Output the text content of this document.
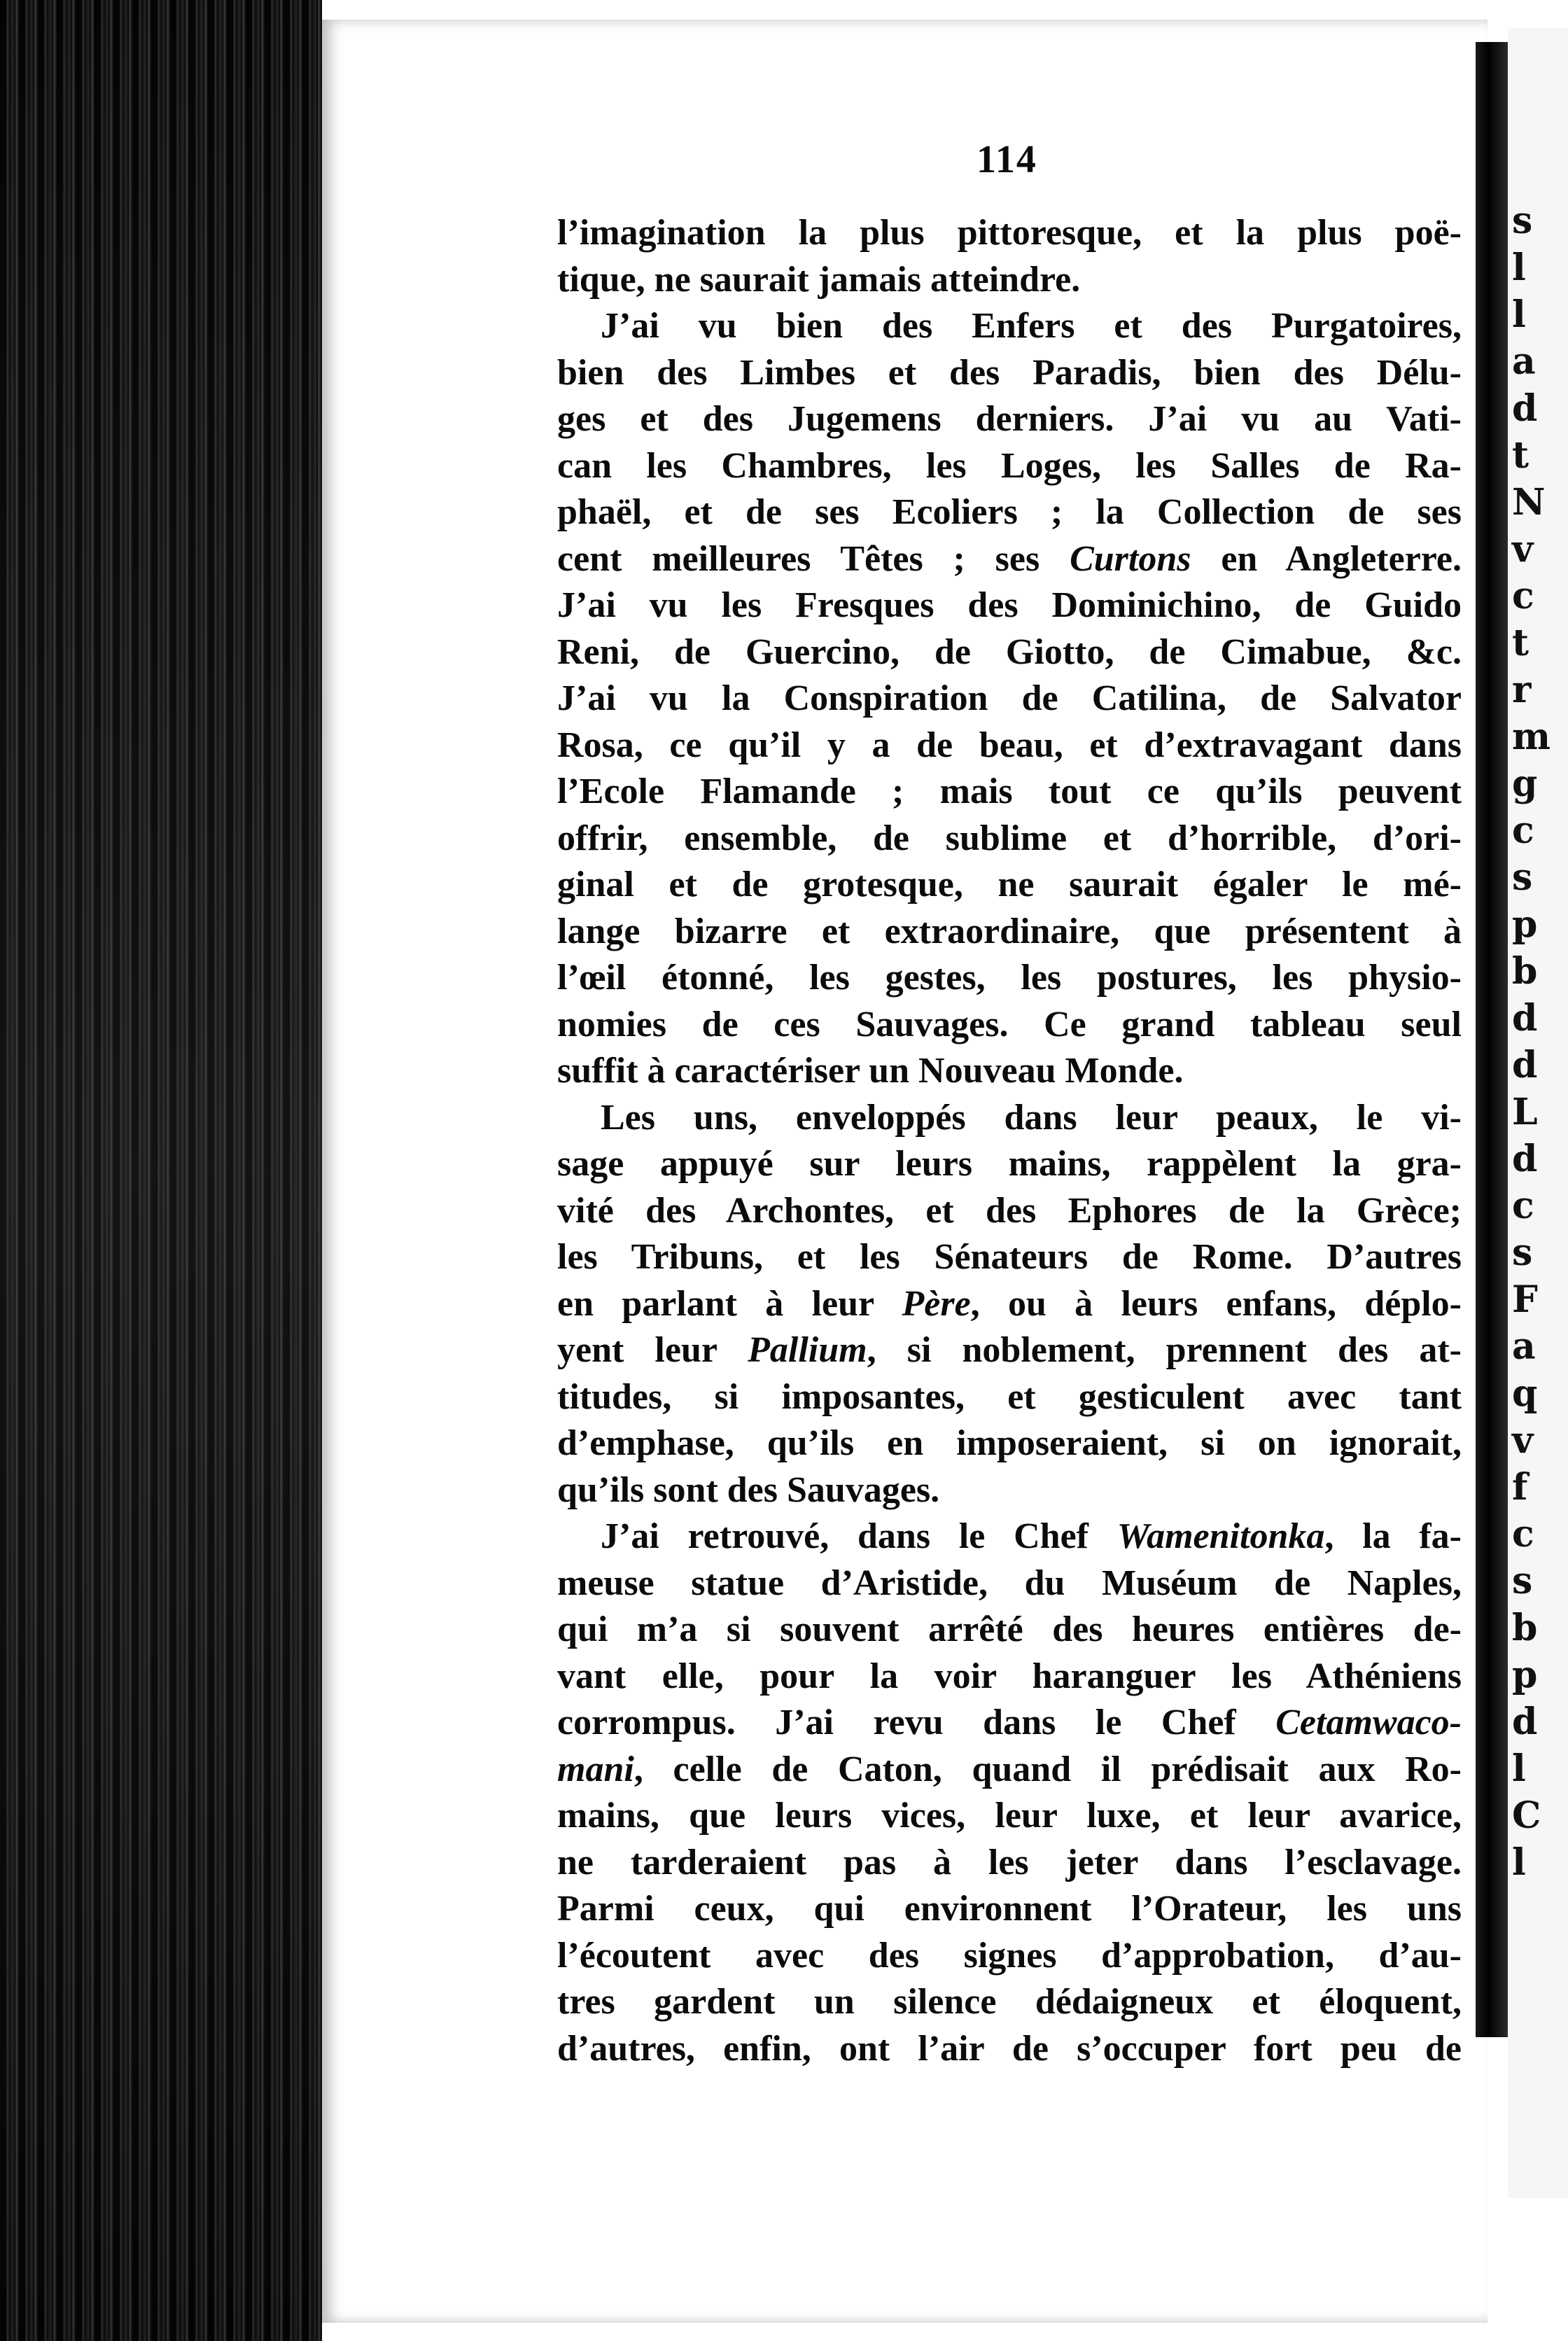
s
l
l
a
d
t
N
v
c
t
r
m
g
c
s
p
b
d
d
L
d
c
s
F
a
q
v
f
c
s
b
p
d
l
C
l
114
l’imagination la plus pittoresque, et la plus poë-
tique, ne saurait jamais atteindre.
J’ai vu bien des Enfers et des Purgatoires,
bien des Limbes et des Paradis, bien des Délu-
ges et des Jugemens derniers. J’ai vu au Vati-
can les Chambres, les Loges, les Salles de Ra-
phaël, et de ses Ecoliers ; la Collection de ses
cent meilleures Têtes ; ses Curtons en Angleterre.
J’ai vu les Fresques des Dominichino, de Guido
Reni, de Guercino, de Giotto, de Cimabue, &c.
J’ai vu la Conspiration de Catilina, de Salvator
Rosa, ce qu’il y a de beau, et d’extravagant dans
l’Ecole Flamande ; mais tout ce qu’ils peuvent
offrir, ensemble, de sublime et d’horrible, d’ori-
ginal et de grotesque, ne saurait égaler le mé-
lange bizarre et extraordinaire, que présentent à
l’œil étonné, les gestes, les postures, les physio-
nomies de ces Sauvages. Ce grand tableau seul
suffit à caractériser un Nouveau Monde.
Les uns, enveloppés dans leur peaux, le vi-
sage appuyé sur leurs mains, rappèlent la gra-
vité des Archontes, et des Ephores de la Grèce;
les Tribuns, et les Sénateurs de Rome. D’autres
en parlant à leur Père, ou à leurs enfans, déplo-
yent leur Pallium, si noblement, prennent des at-
titudes, si imposantes, et gesticulent avec tant
d’emphase, qu’ils en imposeraient, si on ignorait,
qu’ils sont des Sauvages.
J’ai retrouvé, dans le Chef Wamenitonka, la fa-
meuse statue d’Aristide, du Muséum de Naples,
qui m’a si souvent arrêté des heures entières de-
vant elle, pour la voir haranguer les Athéniens
corrompus. J’ai revu dans le Chef Cetamwaco-
mani, celle de Caton, quand il prédisait aux Ro-
mains, que leurs vices, leur luxe, et leur avarice,
ne tarderaient pas à les jeter dans l’esclavage.
Parmi ceux, qui environnent l’Orateur, les uns
l’écoutent avec des signes d’approbation, d’au-
tres gardent un silence dédaigneux et éloquent,
d’autres, enfin, ont l’air de s’occuper fort peu de
